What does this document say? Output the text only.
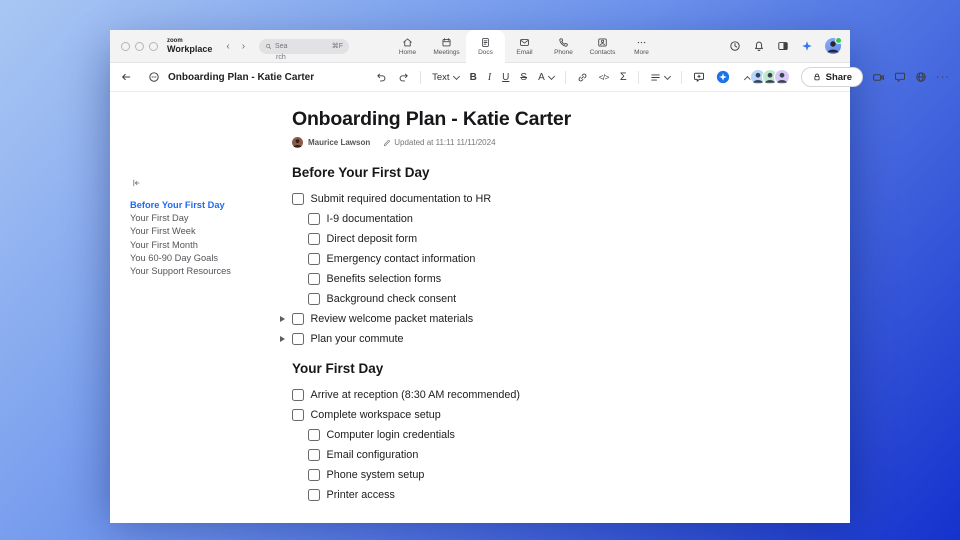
zoom
Workplace ‹ ›	Sea	⌘F
rch
Home	Meetings	Docs	Email	Phone	Contacts	More
Onboarding Plan - Katie Carter	Text B I U S A	</> Σ	Share	···
Before Your First Day
Your First Day
Your First Week
Your First Month
You 60-90 Day Goals
Your Support Resources
Onboarding Plan - Katie Carter
Maurice Lawson	Updated at 11:11 11/11/2024
Before Your First Day
Submit required documentation to HR
I-9 documentation
Direct deposit form
Emergency contact information
Benefits selection forms
Background check consent
Review welcome packet materials
Plan your commute
Your First Day
Arrive at reception (8:30 AM recommended)
Complete workspace setup
Computer login credentials
Email configuration
Phone system setup
Printer access
